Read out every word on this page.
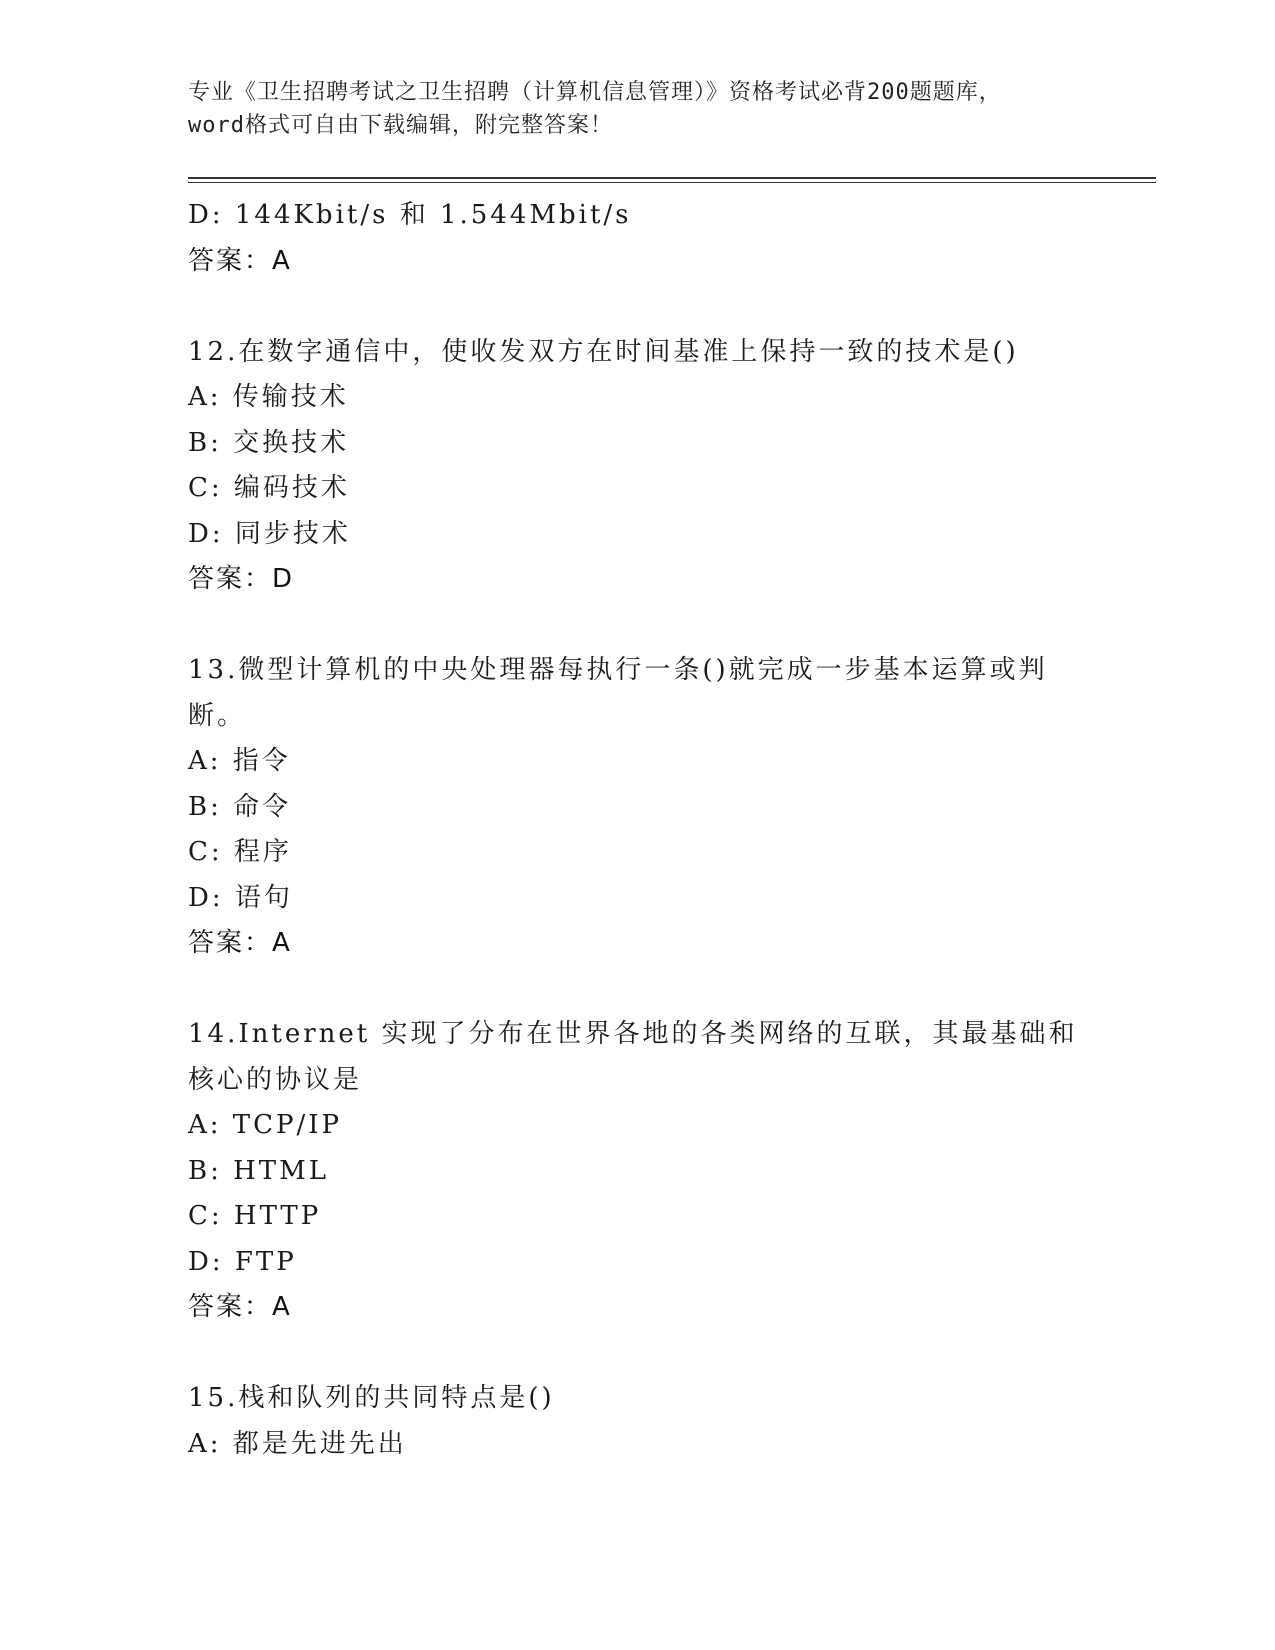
专业《卫生招聘考试之卫生招聘（计算机信息管理）》资格考试必背200题题库，
word格式可自由下载编辑，附完整答案！
D: 144Kbit/s 和 1.544Mbit/s
答案：A
12.在数字通信中，使收发双方在时间基准上保持一致的技术是()
A: 传输技术
B: 交换技术
C: 编码技术
D: 同步技术
答案：D
13.微型计算机的中央处理器每执行一条()就完成一步基本运算或判断。
A: 指令
B: 命令
C: 程序
D: 语句
答案：A
14.Internet 实现了分布在世界各地的各类网络的互联，其最基础和核心的协议是
A: TCP/IP
B: HTML
C: HTTP
D: FTP
答案：A
15.栈和队列的共同特点是()
A: 都是先进先出
